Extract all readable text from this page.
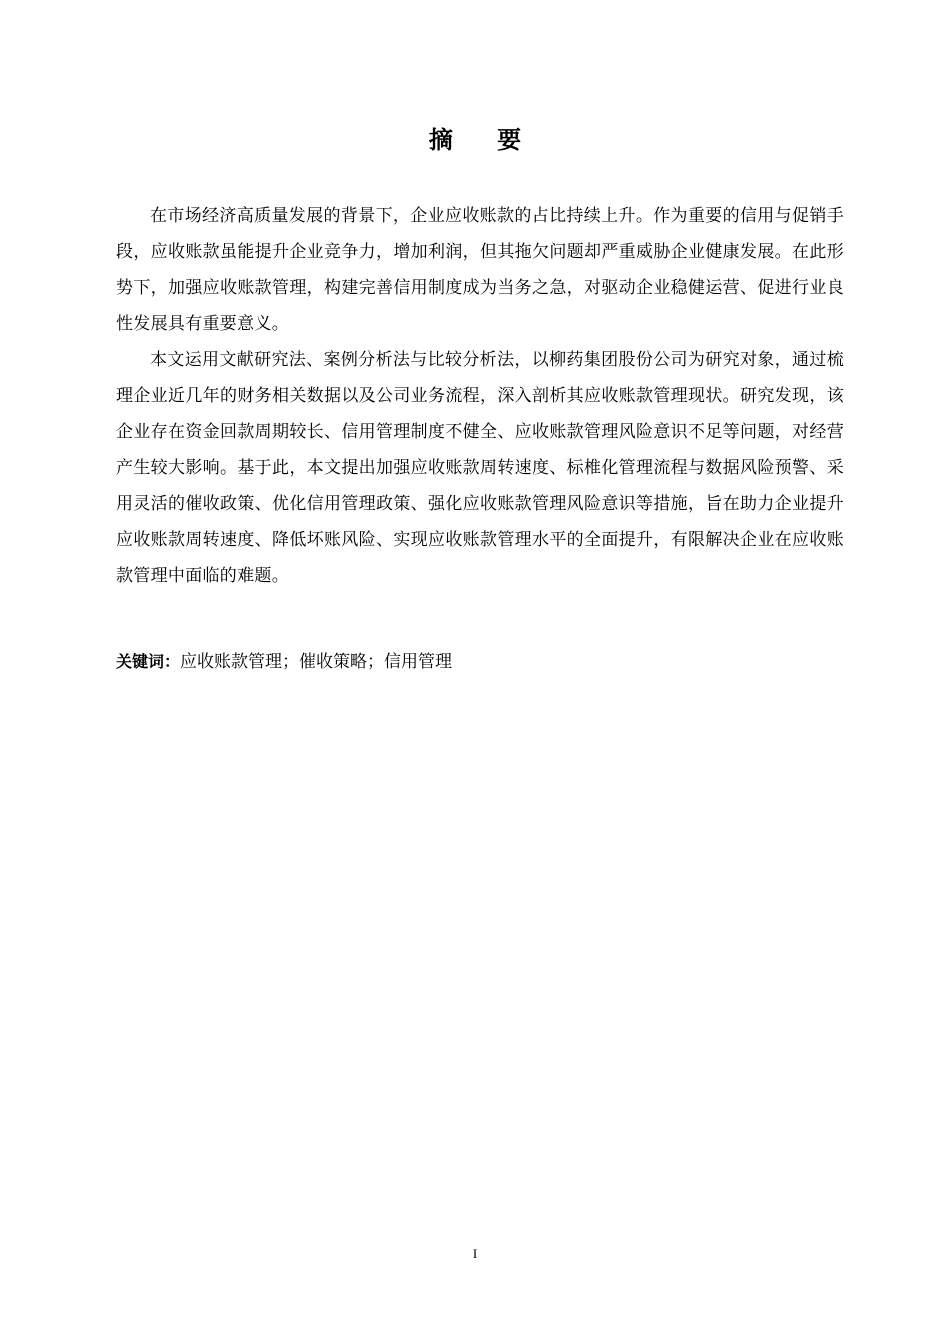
摘 要

在市场经济高质量发展的背景下，企业应收账款的占比持续上升。作为重要的信用与促销手段，应收账款虽能提升企业竞争力，增加利润，但其拖欠问题却严重威胁企业健康发展。在此形势下，加强应收账款管理，构建完善信用制度成为当务之急，对驱动企业稳健运营、促进行业良性发展具有重要意义。

本文运用文献研究法、案例分析法与比较分析法，以柳药集团股份公司为研究对象，通过梳理企业近几年的财务相关数据以及公司业务流程，深入剖析其应收账款管理现状。研究发现，该企业存在资金回款周期较长、信用管理制度不健全、应收账款管理风险意识不足等问题，对经营产生较大影响。基于此，本文提出加强应收账款周转速度、标椎化管理流程与数据风险预警、采用灵活的催收政策、优化信用管理政策、强化应收账款管理风险意识等措施，旨在助力企业提升应收账款周转速度、降低坏账风险、实现应收账款管理水平的全面提升，有限解决企业在应收账款管理中面临的难题。

关键词：应收账款管理；催收策略；信用管理
I
